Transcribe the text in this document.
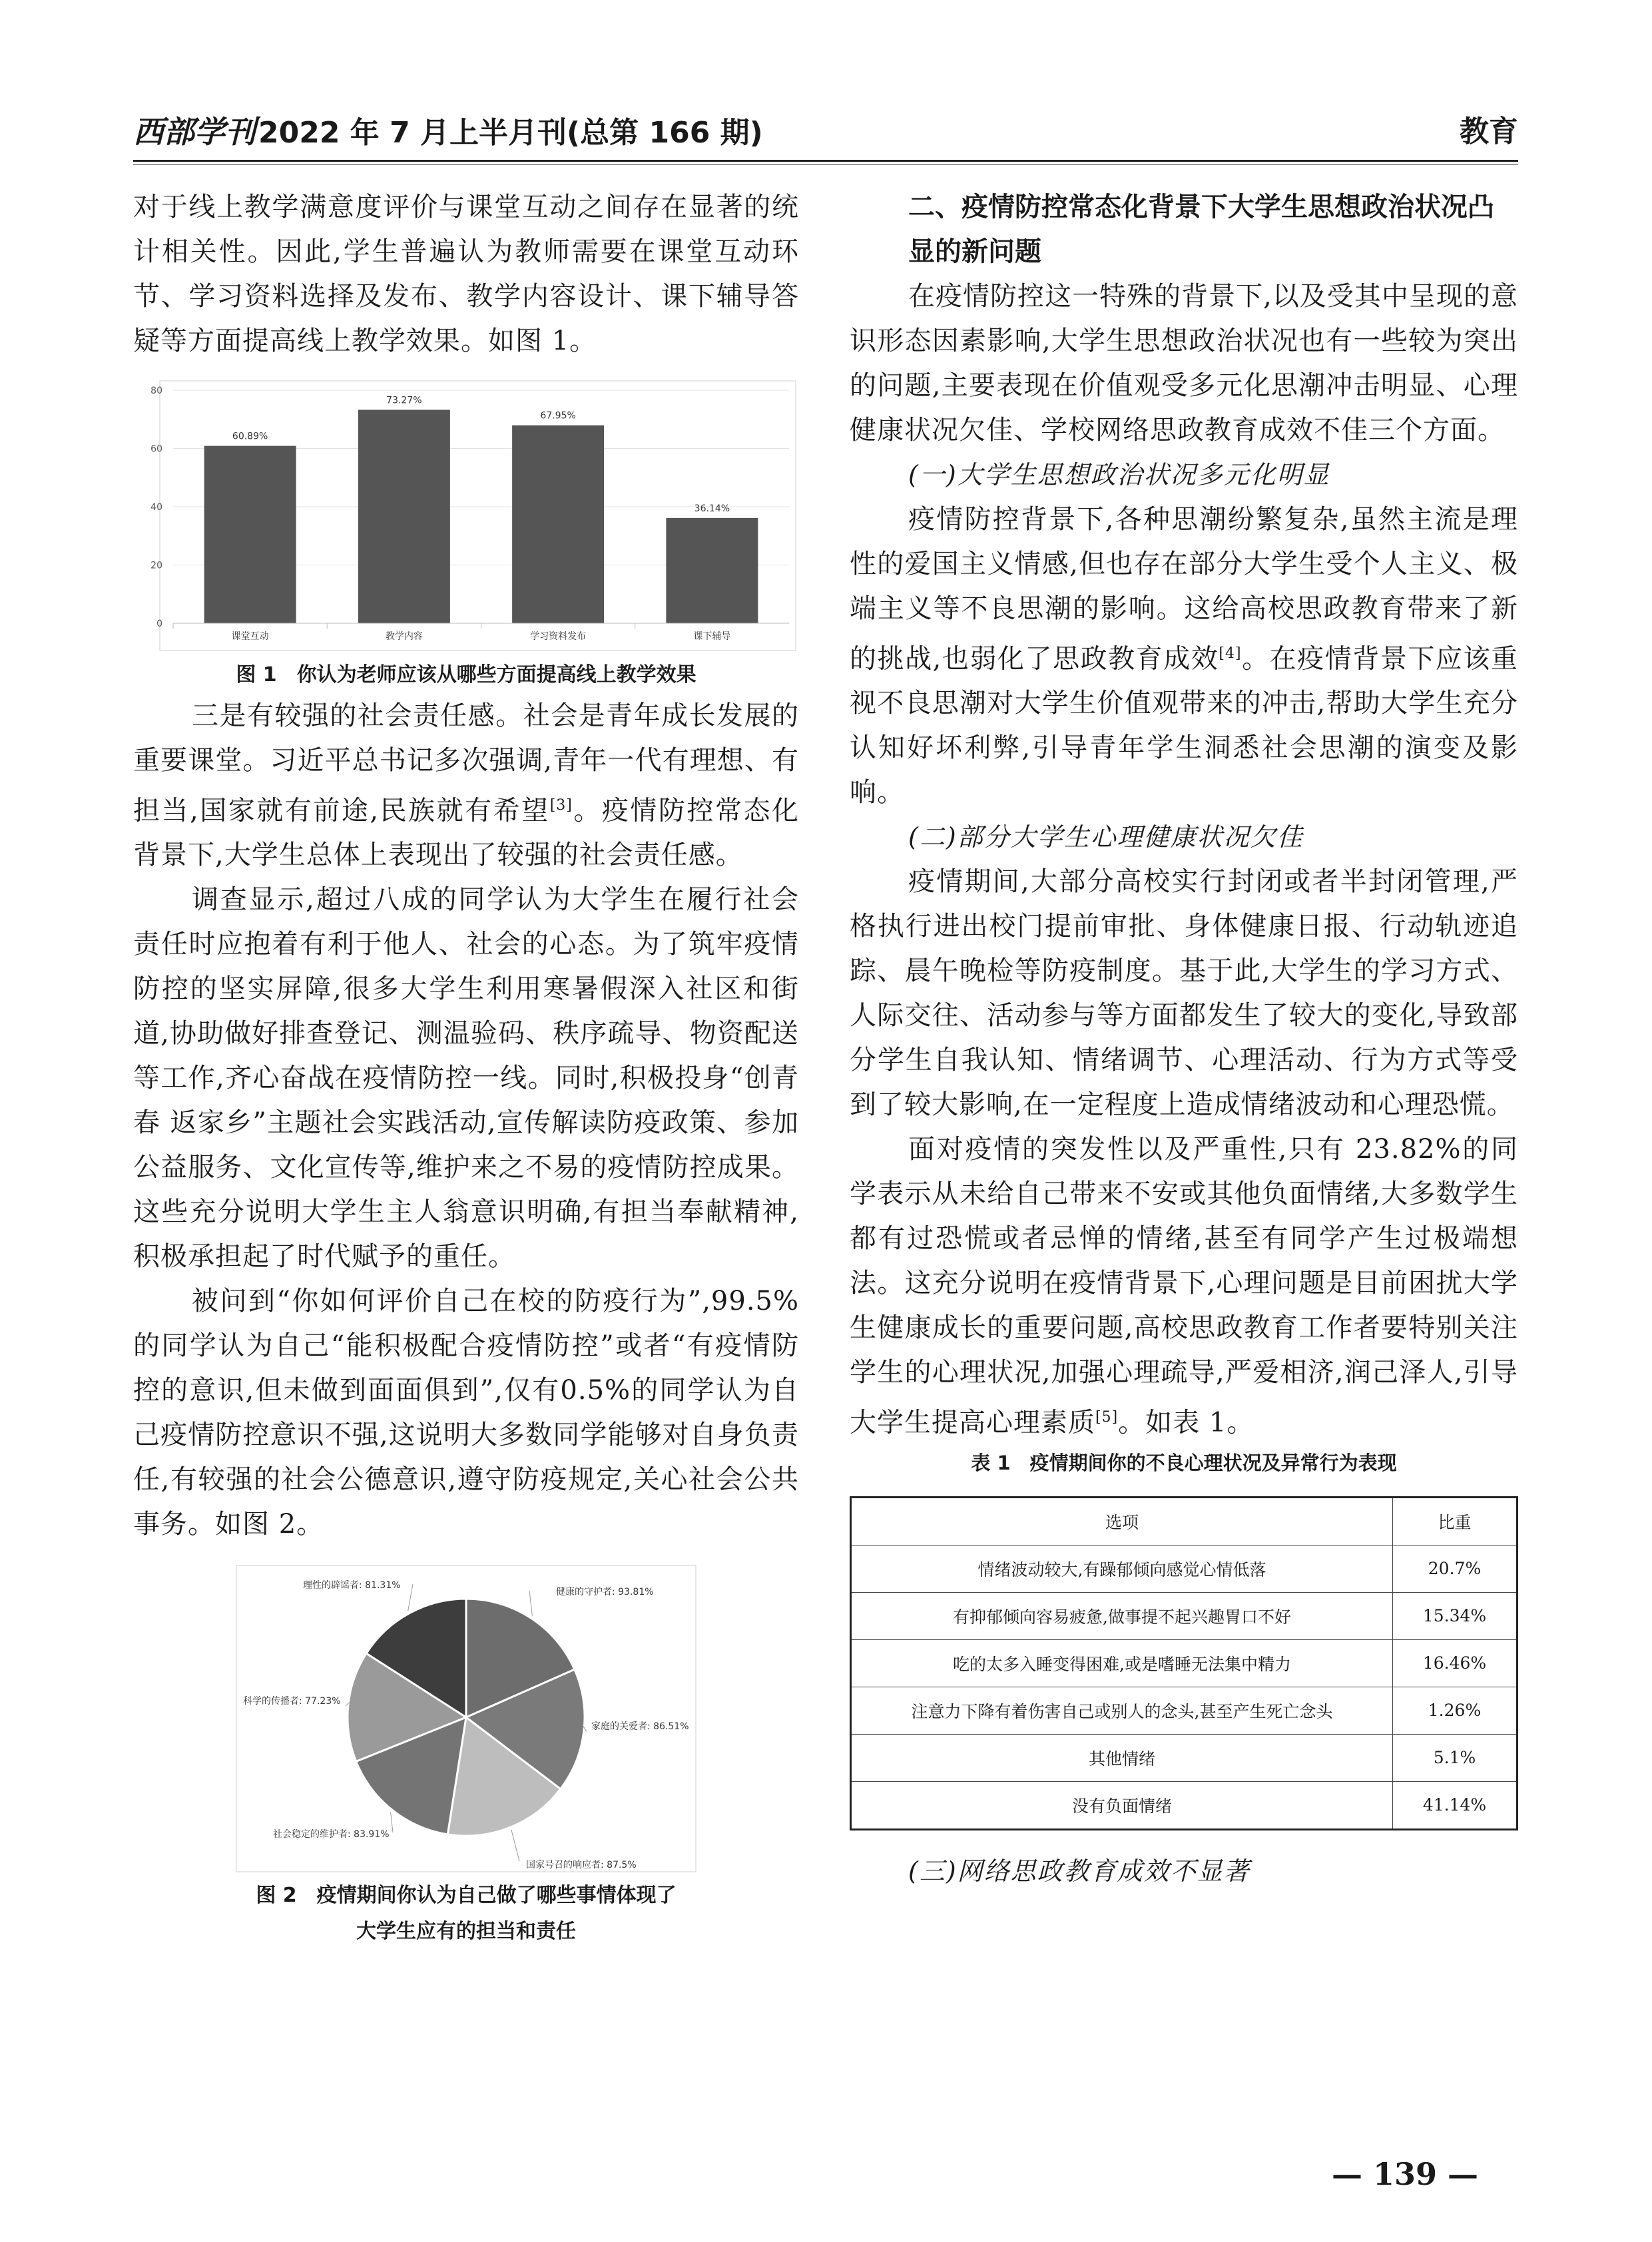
西部学刊2022 年 7 月上半月刊(总第 166 期)	教育

对于线上教学满意度评价与课堂互动之间存在显著的统计相关性。因此,学生普遍认为教师需要在课堂互动环节、学习资料选择及发布、教学内容设计、课下辅导答疑等方面提高线上教学效果。如图 1。

0
20
40
60
80
60.89%
课堂互动
73.27%
教学内容
67.95%
学习资料发布
36.14%
课下辅导

图 1　你认为老师应该从哪些方面提高线上教学效果

三是有较强的社会责任感。社会是青年成长发展的重要课堂。习近平总书记多次强调,青年一代有理想、有担当,国家就有前途,民族就有希望[3]。疫情防控常态化背景下,大学生总体上表现出了较强的社会责任感。

调查显示,超过八成的同学认为大学生在履行社会责任时应抱着有利于他人、社会的心态。为了筑牢疫情防控的坚实屏障,很多大学生利用寒暑假深入社区和街道,协助做好排查登记、测温验码、秩序疏导、物资配送等工作,齐心奋战在疫情防控一线。同时,积极投身“创青春 返家乡”主题社会实践活动,宣传解读防疫政策、参加公益服务、文化宣传等,维护来之不易的疫情防控成果。这些充分说明大学生主人翁意识明确,有担当奉献精神,积极承担起了时代赋予的重任。

被问到“你如何评价自己在校的防疫行为”,99.5%的同学认为自己“能积极配合疫情防控”或者“有疫情防控的意识,但未做到面面俱到”,仅有0.5%的同学认为自己疫情防控意识不强,这说明大多数同学能够对自身负责任,有较强的社会公德意识,遵守防疫规定,关心社会公共事务。如图 2。

健康的守护者: 93.81%
家庭的关爱者: 86.51%
国家号召的响应者: 87.5%
社会稳定的维护者: 83.91%
科学的传播者: 77.23%
理性的辟谣者: 81.31%

图 2　疫情期间你认为自己做了哪些事情体现了

大学生应有的担当和责任

二、疫情防控常态化背景下大学生思想政治状况凸显的新问题

在疫情防控这一特殊的背景下,以及受其中呈现的意识形态因素影响,大学生思想政治状况也有一些较为突出的问题,主要表现在价值观受多元化思潮冲击明显、心理健康状况欠佳、学校网络思政教育成效不佳三个方面。

(一)大学生思想政治状况多元化明显

疫情防控背景下,各种思潮纷繁复杂,虽然主流是理性的爱国主义情感,但也存在部分大学生受个人主义、极端主义等不良思潮的影响。这给高校思政教育带来了新的挑战,也弱化了思政教育成效[4]。在疫情背景下应该重视不良思潮对大学生价值观带来的冲击,帮助大学生充分认知好坏利弊,引导青年学生洞悉社会思潮的演变及影响。

(二)部分大学生心理健康状况欠佳

疫情期间,大部分高校实行封闭或者半封闭管理,严格执行进出校门提前审批、身体健康日报、行动轨迹追踪、晨午晚检等防疫制度。基于此,大学生的学习方式、人际交往、活动参与等方面都发生了较大的变化,导致部分学生自我认知、情绪调节、心理活动、行为方式等受到了较大影响,在一定程度上造成情绪波动和心理恐慌。

面对疫情的突发性以及严重性,只有 23.82%的同学表示从未给自己带来不安或其他负面情绪,大多数学生都有过恐慌或者忌惮的情绪,甚至有同学产生过极端想法。这充分说明在疫情背景下,心理问题是目前困扰大学生健康成长的重要问题,高校思政教育工作者要特别关注学生的心理状况,加强心理疏导,严爱相济,润己泽人,引导大学生提高心理素质[5]。如表 1。

表 1　疫情期间你的不良心理状况及异常行为表现

选项	比重
情绪波动较大,有躁郁倾向感觉心情低落	20.7%
有抑郁倾向容易疲惫,做事提不起兴趣胃口不好	15.34%
吃的太多入睡变得困难,或是嗜睡无法集中精力	16.46%
注意力下降有着伤害自己或别人的念头,甚至产生死亡念头	1.26%
其他情绪	5.1%
没有负面情绪	41.14%

(三)网络思政教育成效不显著

— 139 —
